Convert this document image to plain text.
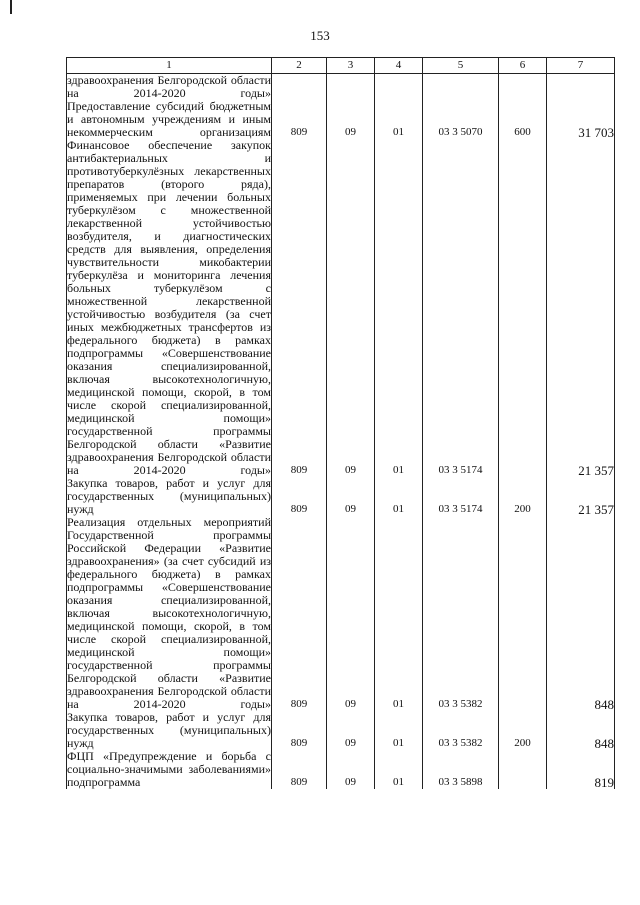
153
1	2	3	4	5	6	7
здравоохранения Белгородской области на 2014-2020 годы»						
Предоставление субсидий бюджетным и автономным учреждениям и иным некоммерческим организациям	809	09	01	03 3 5070	600	31 703
Финансовое обеспечение закупок антибактериальных и противотуберкулёзных лекарственных препаратов (второго ряда), применяемых при лечении больных туберкулёзом с множественной лекарственной устойчивостью возбудителя, и диагностических средств для выявления, определения чувствительности микобактерии туберкулёза и мониторинга лечения больных туберкулёзом с множественной лекарственной устойчивостью возбудителя (за счет иных межбюджетных трансфертов из федерального бюджета) в рамках подпрограммы «Совершенствование оказания специализированной, включая высокотехнологичную, медицинской помощи, скорой, в том числе скорой специализированной, медицинской помощи» государственной программы Белгородской области «Развитие здравоохранения Белгородской области на 2014-2020 годы»	809	09	01	03 3 5174		21 357
Закупка товаров, работ и услуг для государственных (муниципальных) нужд	809	09	01	03 3 5174	200	21 357
Реализация отдельных мероприятий Государственной программы Российской Федерации «Развитие здравоохранения» (за счет субсидий из федерального бюджета) в рамках подпрограммы «Совершенствование оказания специализированной, включая высокотехнологичную, медицинской помощи, скорой, в том числе скорой специализированной, медицинской помощи» государственной программы Белгородской области «Развитие здравоохранения Белгородской области на 2014-2020 годы»	809	09	01	03 3 5382		848
Закупка товаров, работ и услуг для государственных (муниципальных) нужд	809	09	01	03 3 5382	200	848
ФЦП «Предупреждение и борьба с социально-значимыми заболеваниями» подпрограмма	809	09	01	03 3 5898		819
